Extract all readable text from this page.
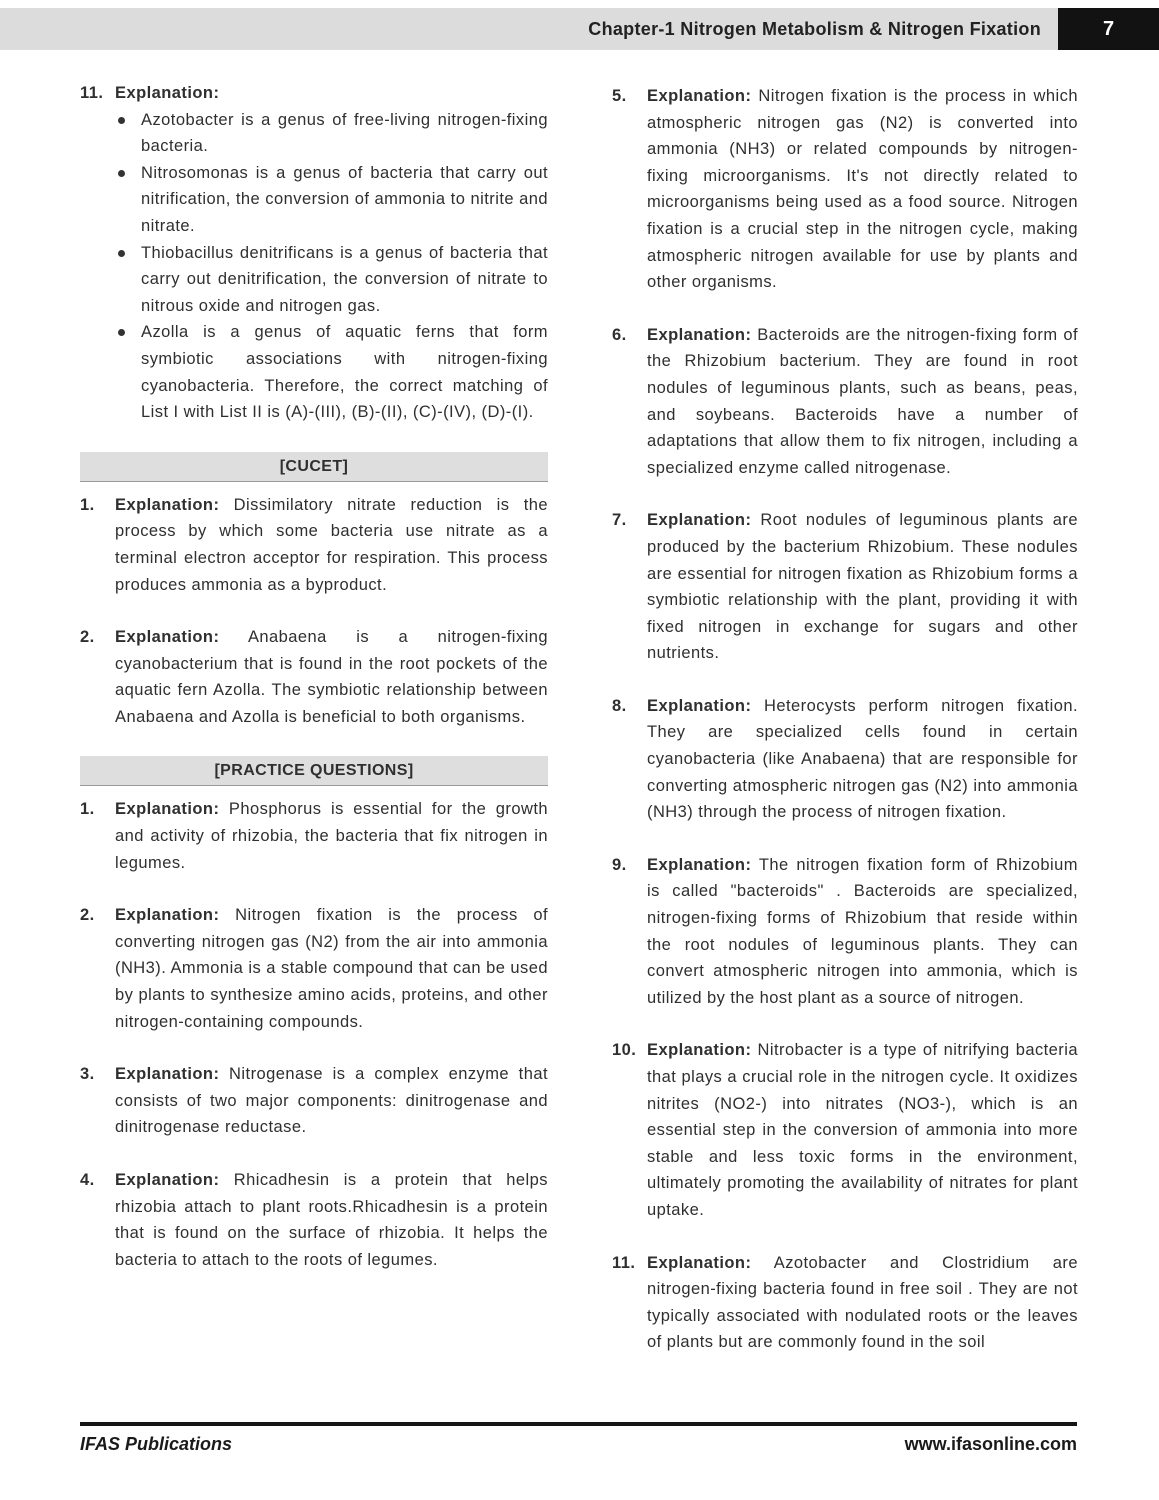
Chapter-1 Nitrogen Metabolism & Nitrogen Fixation	7
11. Explanation:
Azotobacter is a genus of free-living nitrogen-fixing bacteria.
Nitrosomonas is a genus of bacteria that carry out nitrification, the conversion of ammonia to nitrite and nitrate.
Thiobacillus denitrificans is a genus of bacteria that carry out denitrification, the conversion of nitrate to nitrous oxide and nitrogen gas.
Azolla is a genus of aquatic ferns that form symbiotic associations with nitrogen-fixing cyanobacteria. Therefore, the correct matching of List I with List II is (A)-(III), (B)-(II), (C)-(IV), (D)-(I).
[CUCET]
1. Explanation: Dissimilatory nitrate reduction is the process by which some bacteria use nitrate as a terminal electron acceptor for respiration. This process produces ammonia as a byproduct.
2. Explanation: Anabaena is a nitrogen-fixing cyanobacterium that is found in the root pockets of the aquatic fern Azolla. The symbiotic relationship between Anabaena and Azolla is beneficial to both organisms.
[PRACTICE QUESTIONS]
1. Explanation: Phosphorus is essential for the growth and activity of rhizobia, the bacteria that fix nitrogen in legumes.
2. Explanation: Nitrogen fixation is the process of converting nitrogen gas (N2) from the air into ammonia (NH3). Ammonia is a stable compound that can be used by plants to synthesize amino acids, proteins, and other nitrogen-containing compounds.
3. Explanation: Nitrogenase is a complex enzyme that consists of two major components: dinitrogenase and dinitrogenase reductase.
4. Explanation: Rhicadhesin is a protein that helps rhizobia attach to plant roots.Rhicadhesin is a protein that is found on the surface of rhizobia. It helps the bacteria to attach to the roots of legumes.
5. Explanation: Nitrogen fixation is the process in which atmospheric nitrogen gas (N2) is converted into ammonia (NH3) or related compounds by nitrogen-fixing microorganisms. It's not directly related to microorganisms being used as a food source. Nitrogen fixation is a crucial step in the nitrogen cycle, making atmospheric nitrogen available for use by plants and other organisms.
6. Explanation: Bacteroids are the nitrogen-fixing form of the Rhizobium bacterium. They are found in root nodules of leguminous plants, such as beans, peas, and soybeans. Bacteroids have a number of adaptations that allow them to fix nitrogen, including a specialized enzyme called nitrogenase.
7. Explanation: Root nodules of leguminous plants are produced by the bacterium Rhizobium. These nodules are essential for nitrogen fixation as Rhizobium forms a symbiotic relationship with the plant, providing it with fixed nitrogen in exchange for sugars and other nutrients.
8. Explanation: Heterocysts perform nitrogen fixation. They are specialized cells found in certain cyanobacteria (like Anabaena) that are responsible for converting atmospheric nitrogen gas (N2) into ammonia (NH3) through the process of nitrogen fixation.
9. Explanation: The nitrogen fixation form of Rhizobium is called "bacteroids" . Bacteroids are specialized, nitrogen-fixing forms of Rhizobium that reside within the root nodules of leguminous plants. They can convert atmospheric nitrogen into ammonia, which is utilized by the host plant as a source of nitrogen.
10. Explanation: Nitrobacter is a type of nitrifying bacteria that plays a crucial role in the nitrogen cycle. It oxidizes nitrites (NO2-) into nitrates (NO3-), which is an essential step in the conversion of ammonia into more stable and less toxic forms in the environment, ultimately promoting the availability of nitrates for plant uptake.
11. Explanation: Azotobacter and Clostridium are nitrogen-fixing bacteria found in free soil . They are not typically associated with nodulated roots or the leaves of plants but are commonly found in the soil
IFAS Publications	www.ifasonline.com
